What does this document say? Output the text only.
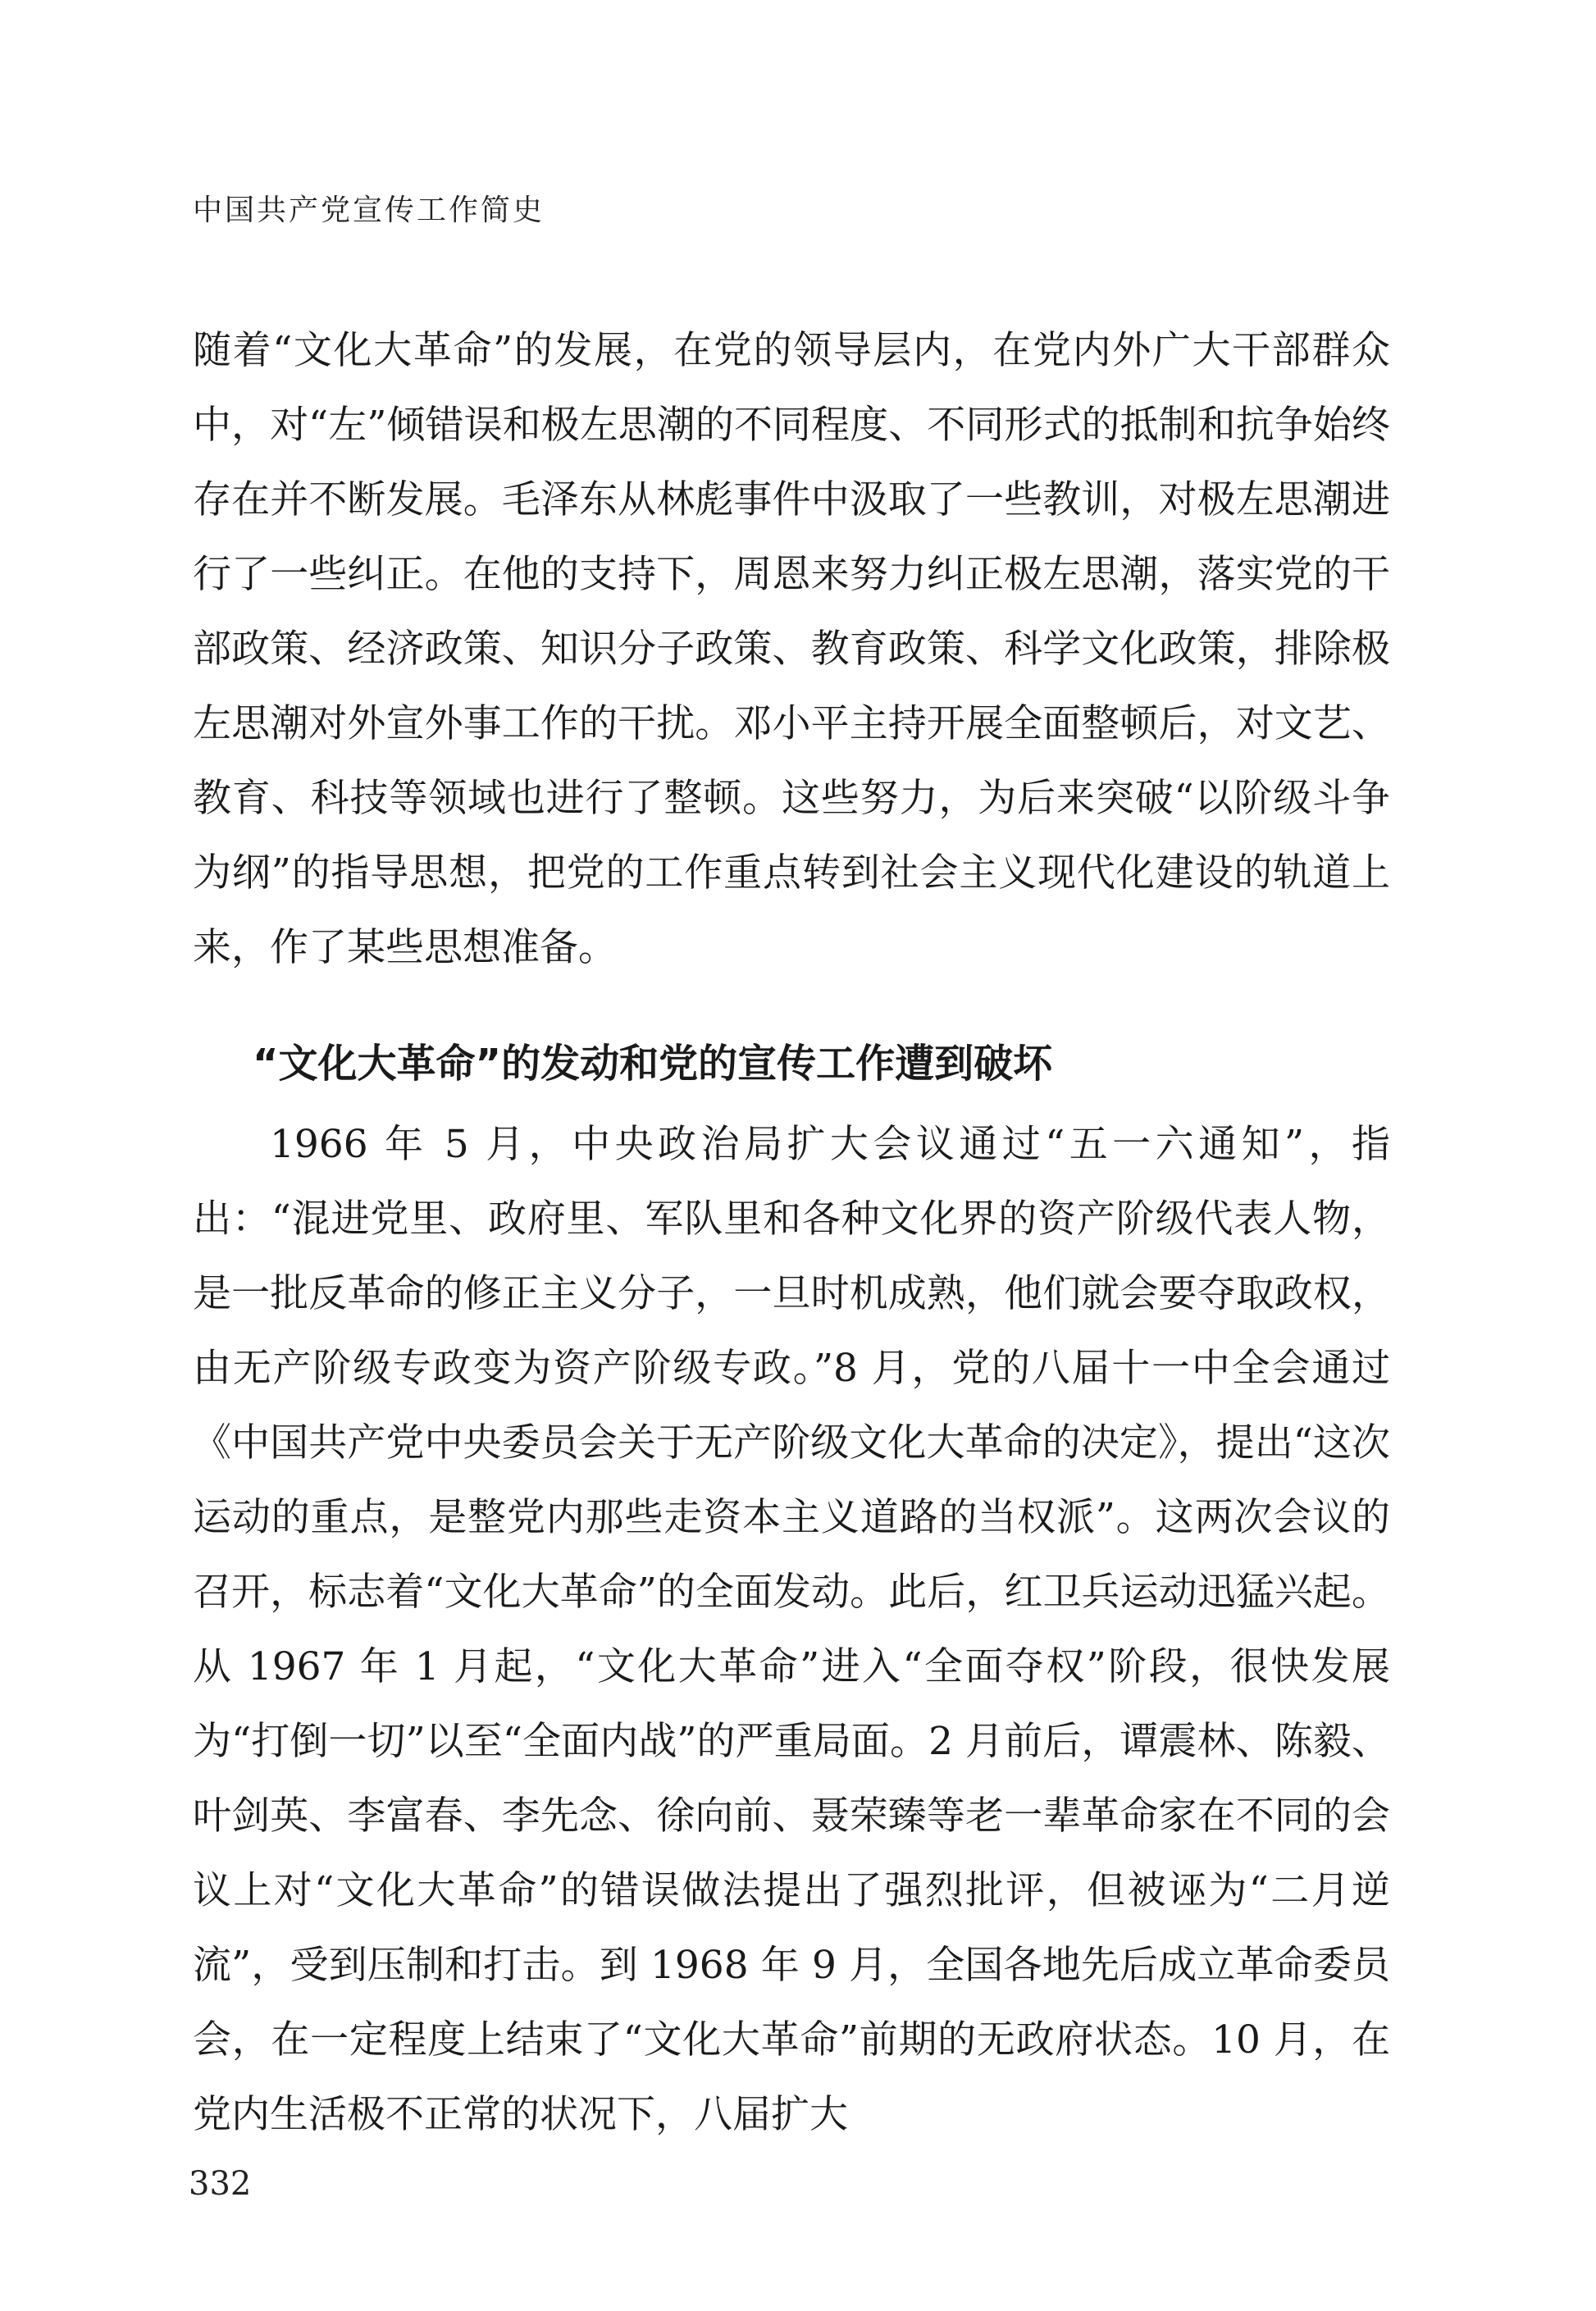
中国共产党宣传工作简史

随着“文化大革命”的发展，在党的领导层内，在党内外广大干部群众中，对“左”倾错误和极左思潮的不同程度、不同形式的抵制和抗争始终存在并不断发展。毛泽东从林彪事件中汲取了一些教训，对极左思潮进行了一些纠正。在他的支持下，周恩来努力纠正极左思潮，落实党的干部政策、经济政策、知识分子政策、教育政策、科学文化政策，排除极左思潮对外宣外事工作的干扰。邓小平主持开展全面整顿后，对文艺、教育、科技等领域也进行了整顿。这些努力，为后来突破“以阶级斗争为纲”的指导思想，把党的工作重点转到社会主义现代化建设的轨道上来，作了某些思想准备。

“文化大革命”的发动和党的宣传工作遭到破坏

1966 年 5 月，中央政治局扩大会议通过“五一六通知”，指出：“混进党里、政府里、军队里和各种文化界的资产阶级代表人物，是一批反革命的修正主义分子，一旦时机成熟，他们就会要夺取政权，由无产阶级专政变为资产阶级专政。”8 月，党的八届十一中全会通过《中国共产党中央委员会关于无产阶级文化大革命的决定》，提出“这次运动的重点，是整党内那些走资本主义道路的当权派”。这两次会议的召开，标志着“文化大革命”的全面发动。此后，红卫兵运动迅猛兴起。从 1967 年 1 月起，“文化大革命”进入“全面夺权”阶段，很快发展为“打倒一切”以至“全面内战”的严重局面。2 月前后，谭震林、陈毅、叶剑英、李富春、李先念、徐向前、聂荣臻等老一辈革命家在不同的会议上对“文化大革命”的错误做法提出了强烈批评，但被诬为“二月逆流”，受到压制和打击。到 1968 年 9 月，全国各地先后成立革命委员会，在一定程度上结束了“文化大革命”前期的无政府状态。10 月，在党内生活极不正常的状况下，八届扩大

332
